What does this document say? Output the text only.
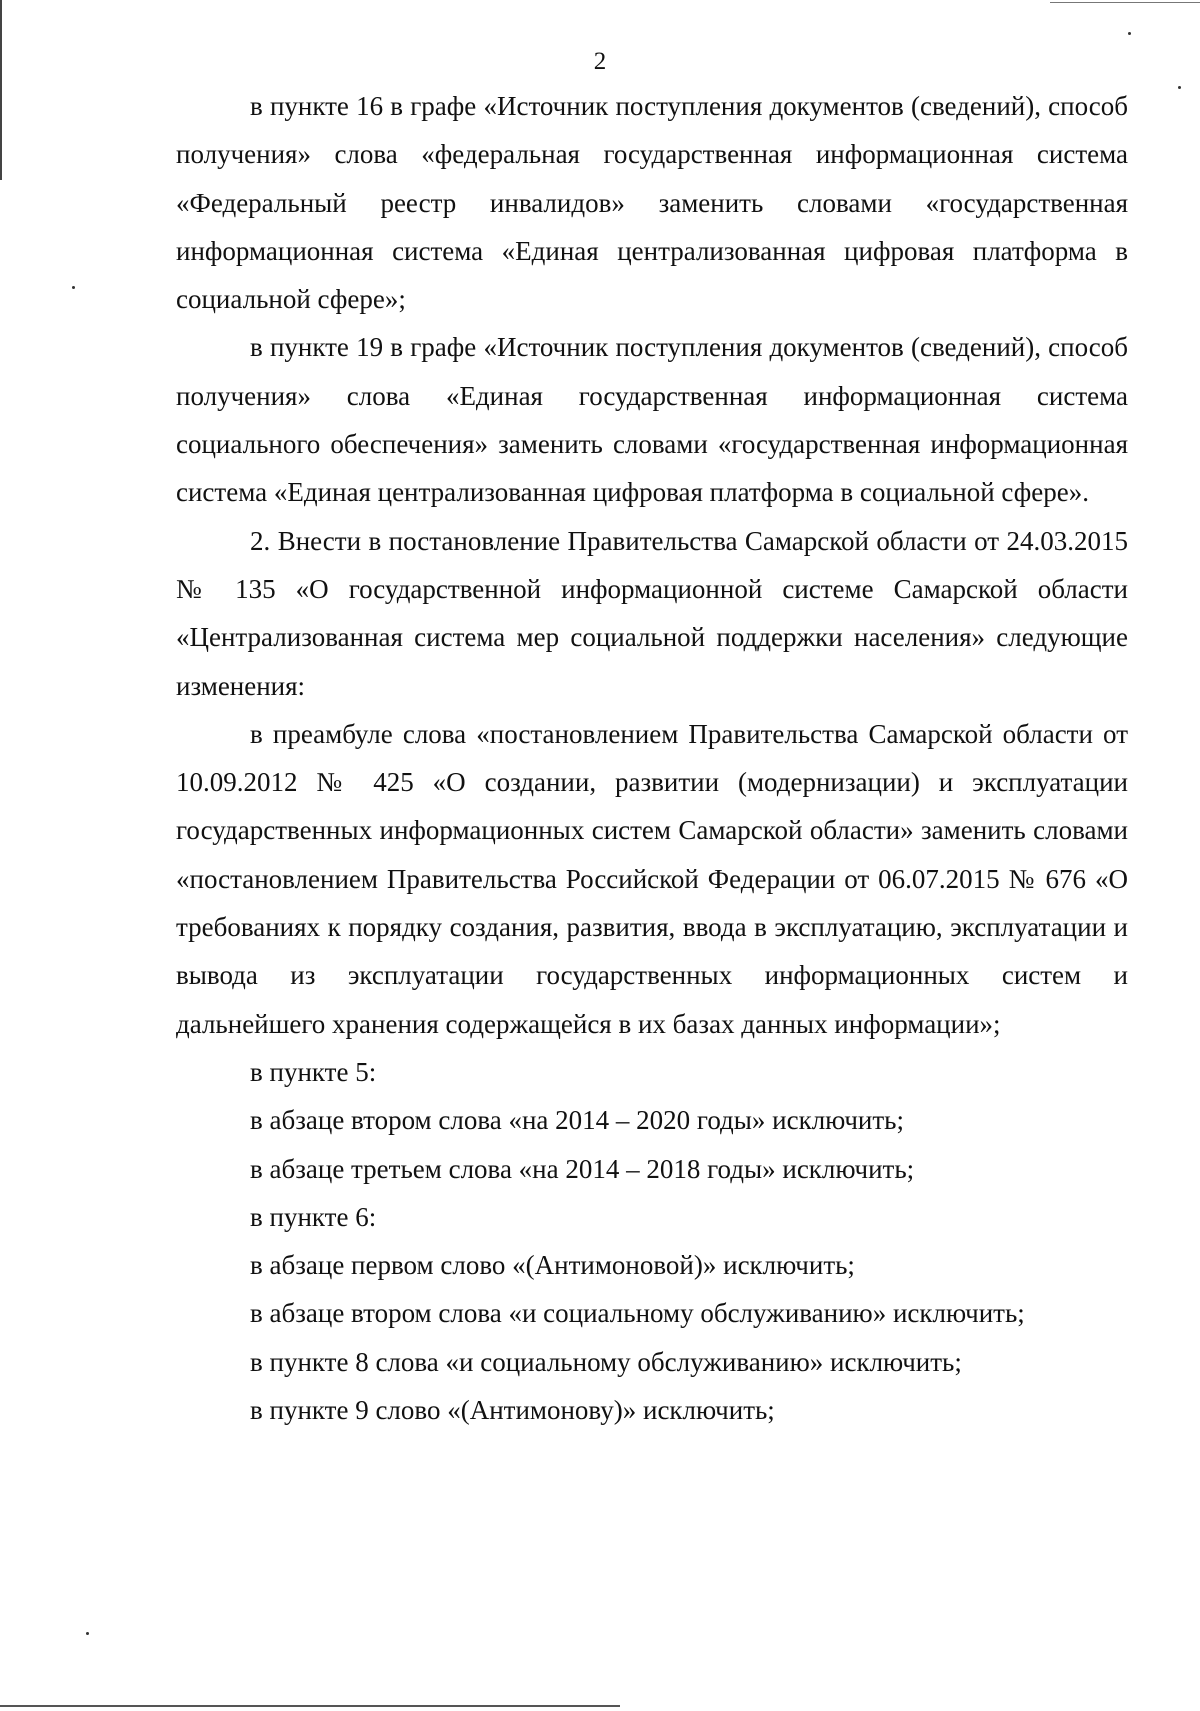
2

в пункте 16 в графе «Источник поступления документов (сведений), способ получения» слова «федеральная государственная информационная система «Федеральный реестр инвалидов» заменить словами «государственная информационная система «Единая централизованная цифровая платформа в социальной сфере»;

в пункте 19 в графе «Источник поступления документов (сведений), способ получения» слова «Единая государственная информационная система социального обеспечения» заменить словами «государственная информационная система «Единая централизованная цифровая платформа в социальной сфере».

2. Внести в постановление Правительства Самарской области от 24.03.2015 № 135 «О государственной информационной системе Самарской области «Централизованная система мер социальной поддержки населения» следующие изменения:

в преамбуле слова «постановлением Правительства Самарской области от 10.09.2012 № 425 «О создании, развитии (модернизации) и эксплуатации государственных информационных систем Самарской области» заменить словами «постановлением Правительства Российской Федерации от 06.07.2015 № 676 «О требованиях к порядку создания, развития, ввода в эксплуатацию, эксплуатации и вывода из эксплуатации государственных информационных систем и дальнейшего хранения содержащейся в их базах данных информации»;

в пункте 5:

в абзаце втором слова «на 2014 – 2020 годы» исключить;

в абзаце третьем слова «на 2014 – 2018 годы» исключить;

в пункте 6:

в абзаце первом слово «(Антимоновой)» исключить;

в абзаце втором слова «и социальному обслуживанию» исключить;

в пункте 8 слова «и социальному обслуживанию» исключить;

в пункте 9 слово «(Антимонову)» исключить;
